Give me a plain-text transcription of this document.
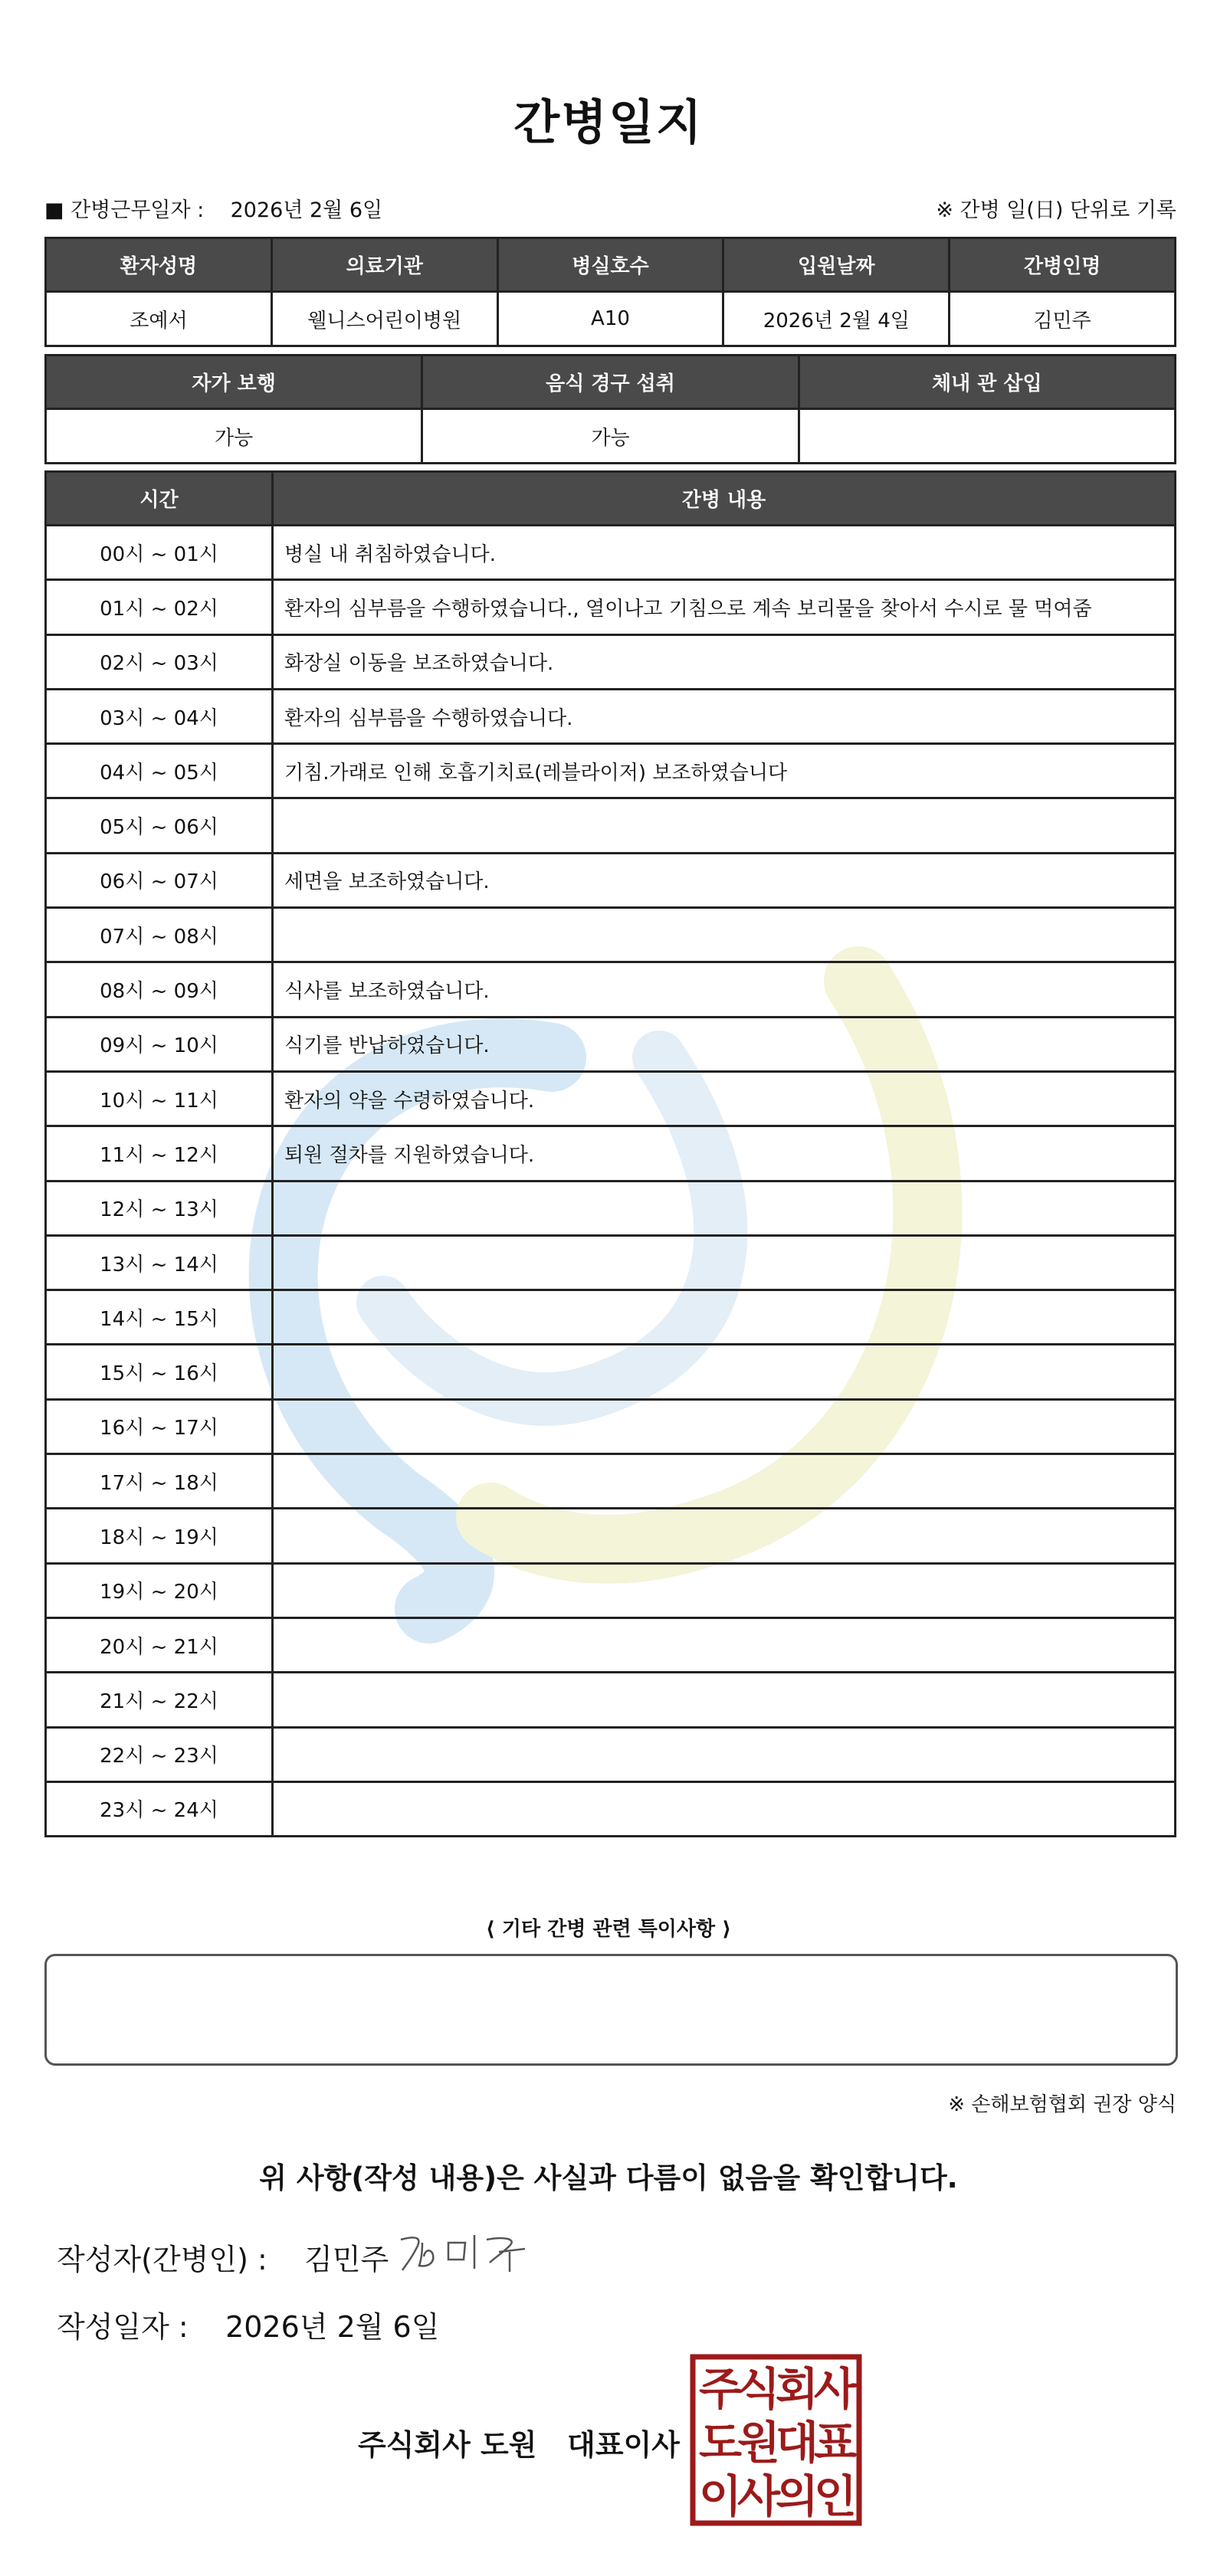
간병일지
■ 간병근무일자 : 2026년 2월 6일	※ 간병 일(日) 단위로 기록
환자성명	의료기관	병실호수	입원날짜	간병인명
조예서	웰니스어린이병원	A10	2026년 2월 4일	김민주
자가 보행	음식 경구 섭취	체내 관 삽입
가능	가능	
시간	간병 내용
00시 ~ 01시	병실 내 취침하였습니다.
01시 ~ 02시	환자의 심부름을 수행하였습니다., 열이나고 기침으로 계속 보리물을 찾아서 수시로 물 먹여줌
02시 ~ 03시	화장실 이동을 보조하였습니다.
03시 ~ 04시	환자의 심부름을 수행하였습니다.
04시 ~ 05시	기침.가래로 인해 호흡기치료(레블라이저) 보조하였습니다
05시 ~ 06시	
06시 ~ 07시	세면을 보조하였습니다.
07시 ~ 08시	
08시 ~ 09시	식사를 보조하였습니다.
09시 ~ 10시	식기를 반납하였습니다.
10시 ~ 11시	환자의 약을 수령하였습니다.
11시 ~ 12시	퇴원 절차를 지원하였습니다.
12시 ~ 13시	
13시 ~ 14시	
14시 ~ 15시	
15시 ~ 16시	
16시 ~ 17시	
17시 ~ 18시	
18시 ~ 19시	
19시 ~ 20시	
20시 ~ 21시	
21시 ~ 22시	
22시 ~ 23시	
23시 ~ 24시	
⟨ 기타 간병 관련 특이사항 ⟩
※ 손해보험협회 권장 양식
위 사항(작성 내용)은 사실과 다름이 없음을 확인합니다.
작성자(간병인) : 김민주
작성일자 : 2026년 2월 6일
주식회사 도원   대표이사
주
식
회
사
도
원
대
표
이
사
의
인
